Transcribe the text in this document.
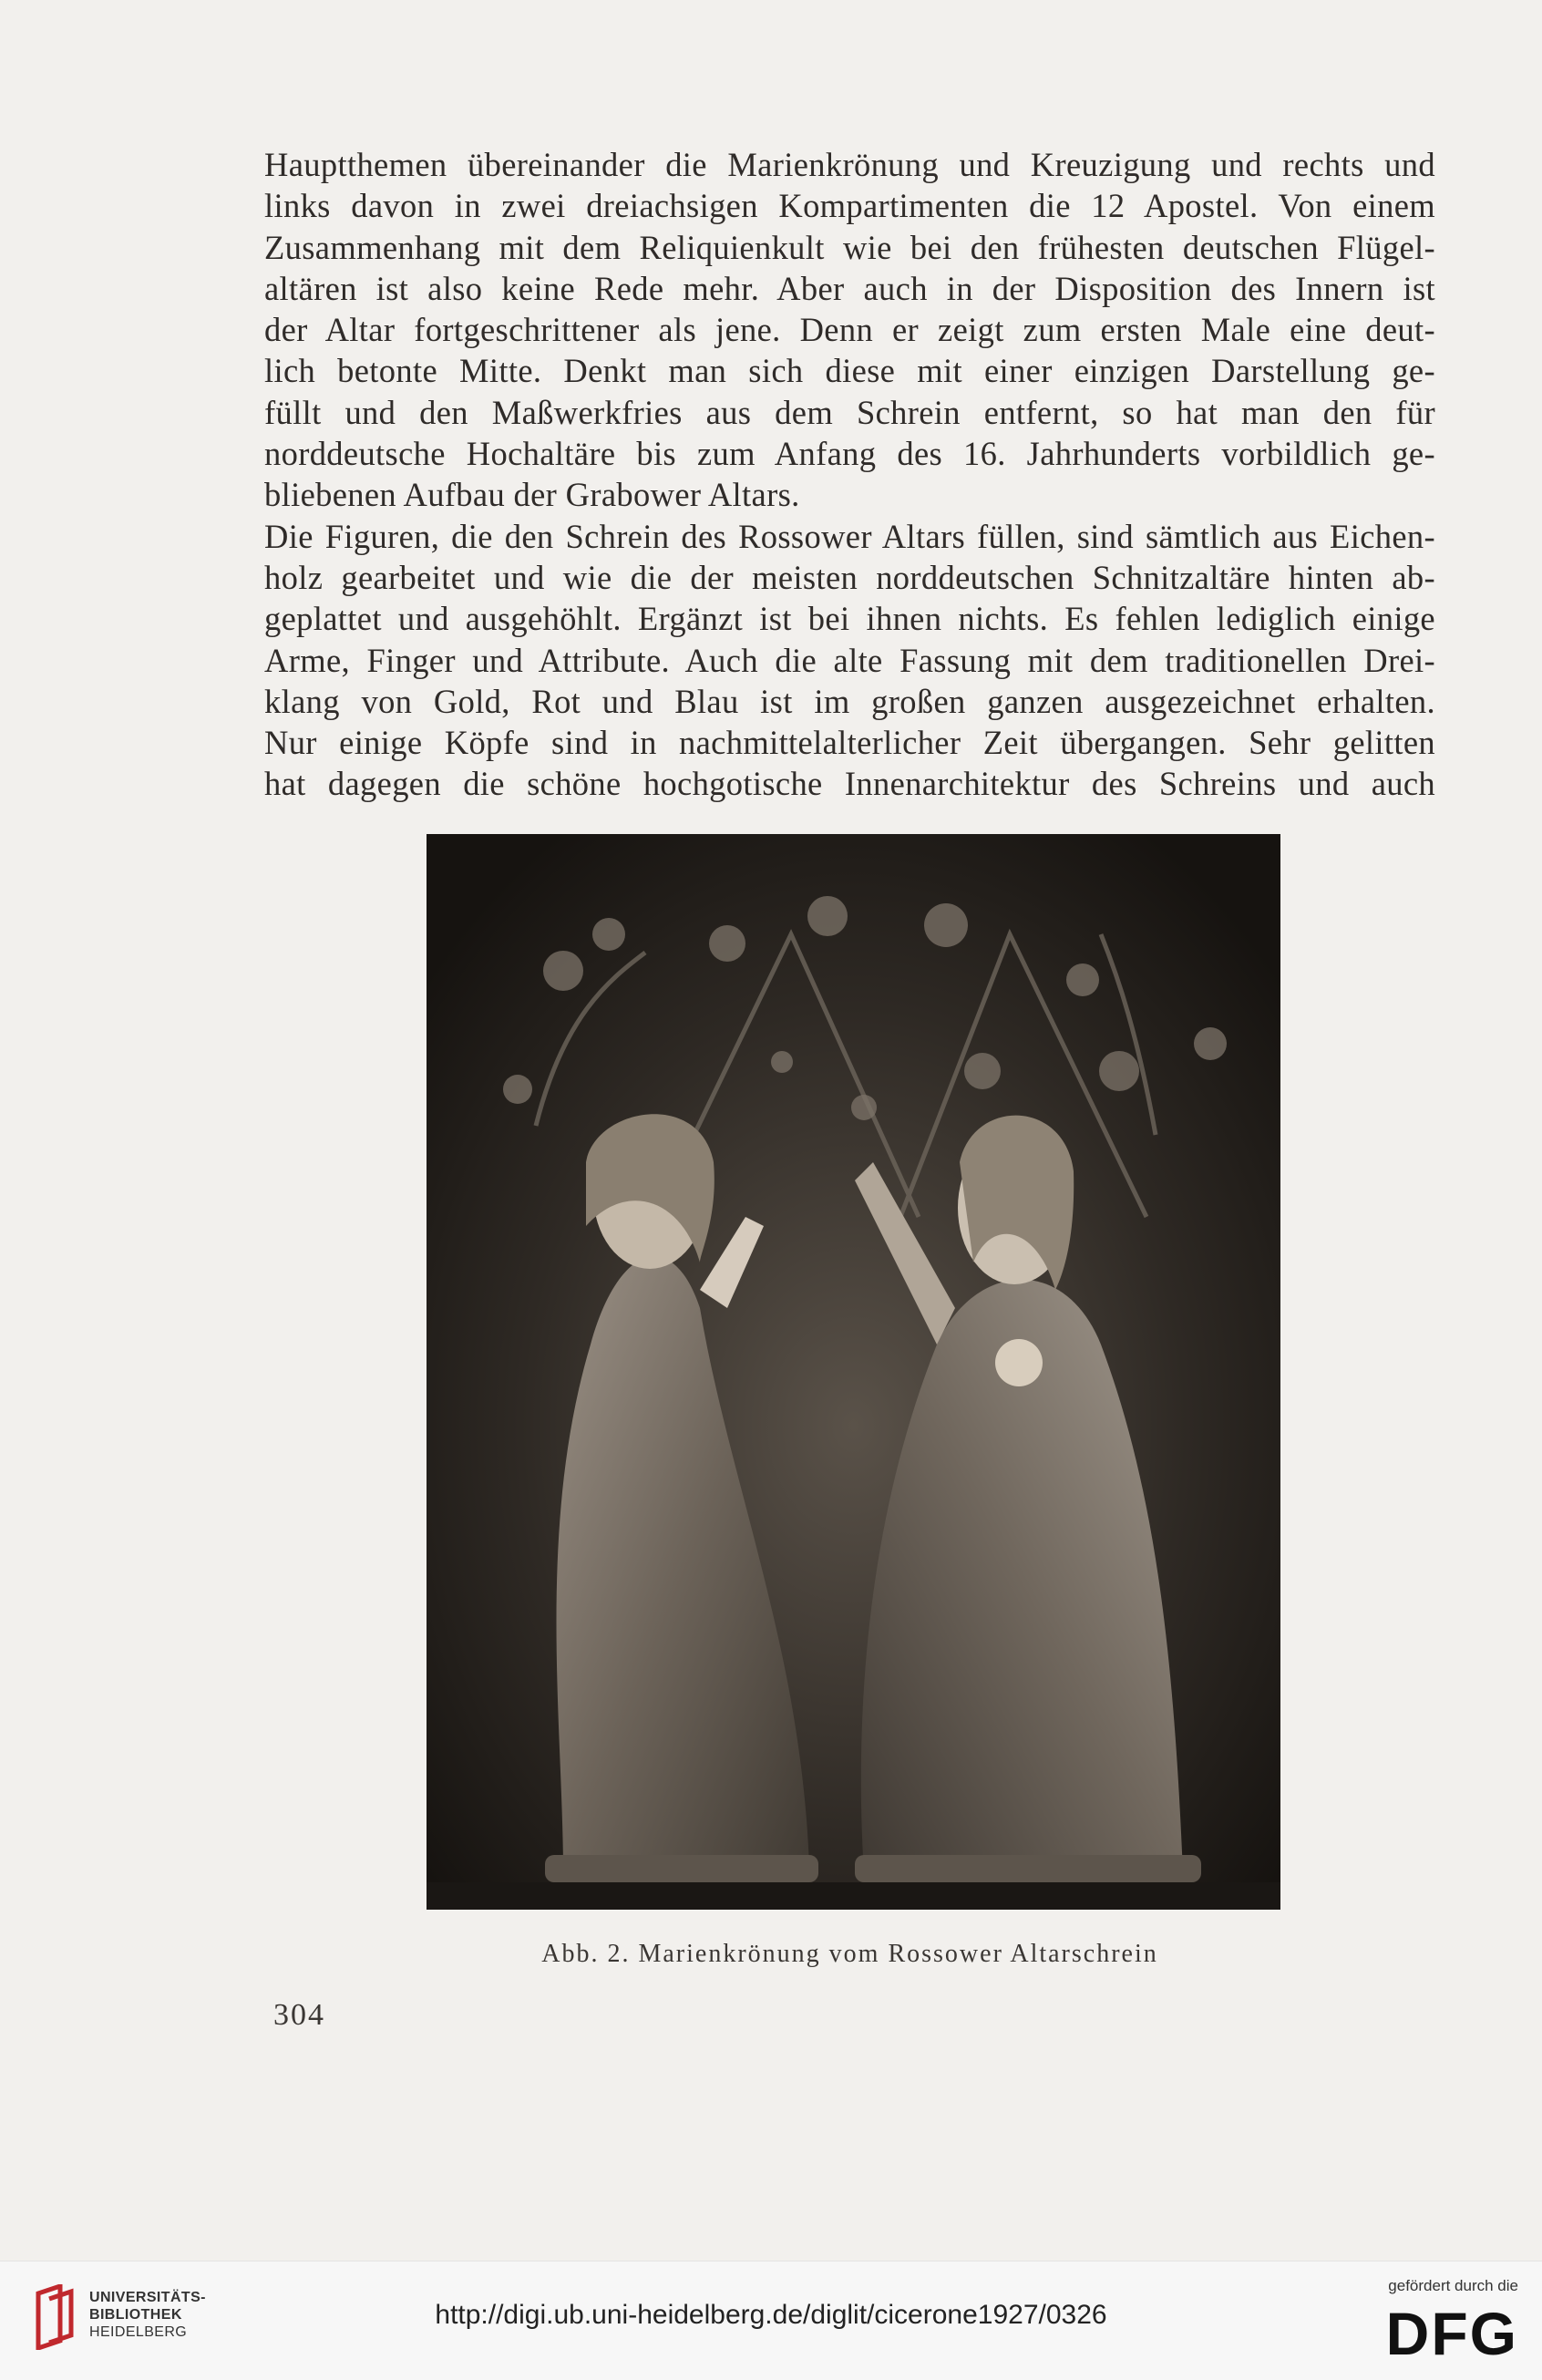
Hauptthemen übereinander die Marienkrönung und Kreuzigung und rechts und
links davon in zwei dreiachsigen Kompartimenten die 12 Apostel. Von einem
Zusammenhang mit dem Reliquienkult wie bei den frühesten deutschen Flügel-
altären ist also keine Rede mehr. Aber auch in der Disposition des Innern ist
der Altar fortgeschrittener als jene. Denn er zeigt zum ersten Male eine deut-
lich betonte Mitte. Denkt man sich diese mit einer einzigen Darstellung ge-
füllt und den Maßwerkfries aus dem Schrein entfernt, so hat man den für
norddeutsche Hochaltäre bis zum Anfang des 16. Jahrhunderts vorbildlich ge-
bliebenen Aufbau der Grabower Altars.

Die Figuren, die den Schrein des Rossower Altars füllen, sind sämtlich aus Eichen-
holz gearbeitet und wie die der meisten norddeutschen Schnitzaltäre hinten ab-
geplattet und ausgehöhlt. Ergänzt ist bei ihnen nichts. Es fehlen lediglich einige
Arme, Finger und Attribute. Auch die alte Fassung mit dem traditionellen Drei-
klang von Gold, Rot und Blau ist im großen ganzen ausgezeichnet erhalten.
Nur einige Köpfe sind in nachmittelalterlicher Zeit übergangen. Sehr gelitten
hat dagegen die schöne hochgotische Innenarchitektur des Schreins und auch

Abb. 2. Marienkrönung vom Rossower Altarschrein
304
UNIVERSITÄTS-
BIBLIOTHEK
HEIDELBERG
http://digi.ub.uni-heidelberg.de/diglit/cicerone1927/0326
gefördert durch die
DFG
